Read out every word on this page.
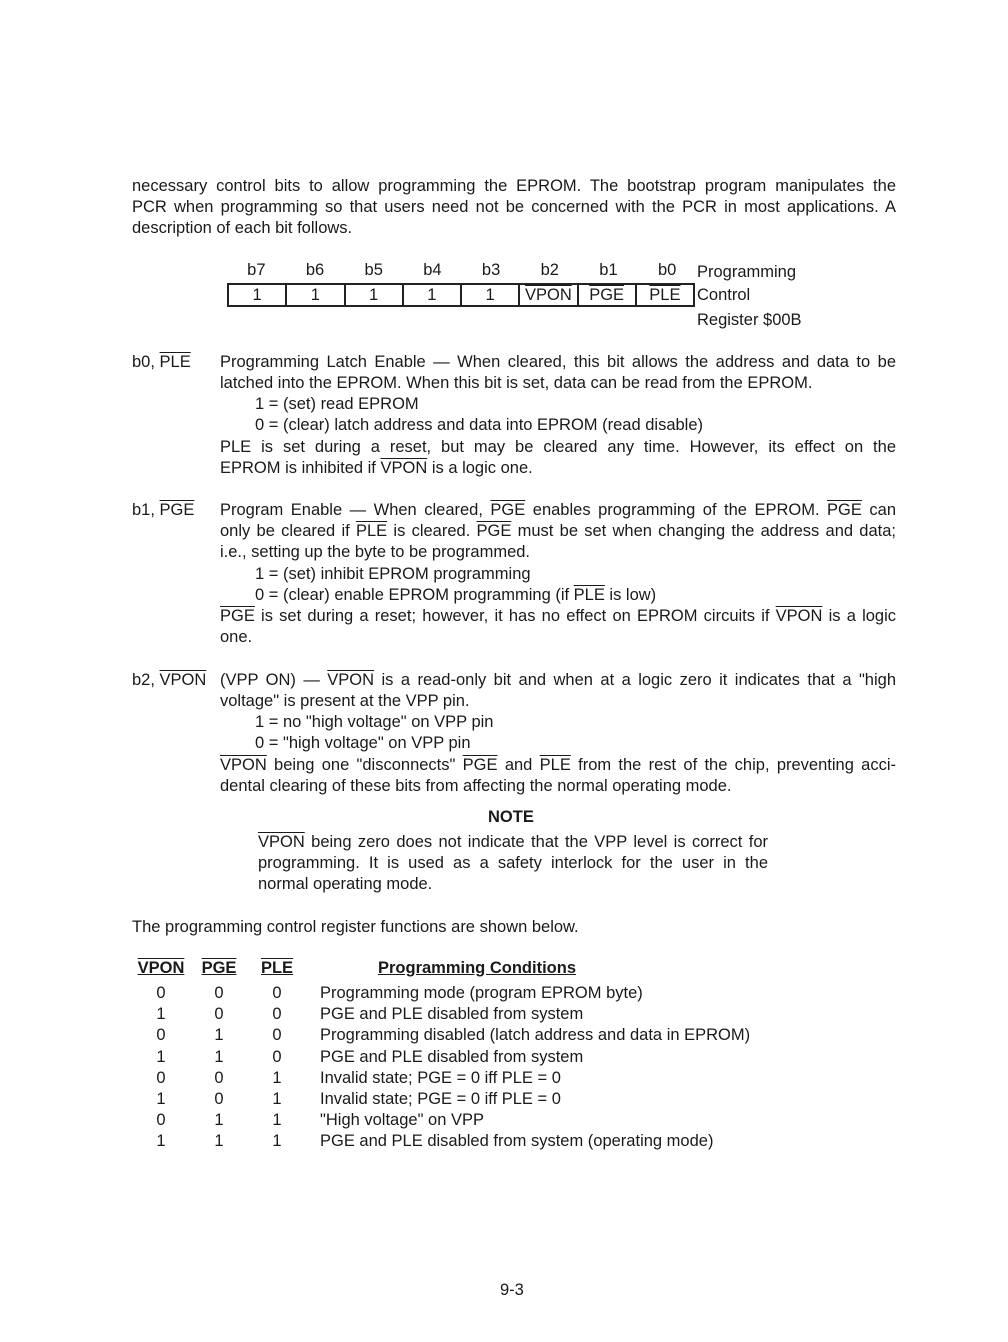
necessary control bits to allow programming the EPROM. The bootstrap program manipulates the
PCR when programming so that users need not be concerned with the PCR in most applications. A
description of each bit follows.
b7	b6	b5	b4	b3	b2	b1	b0
1	1	1	1	1	VPON	$\overline{PGE}$	$\overline{PLE}$
Programming
Control
Register $00B
b0, $\overline{PLE}$ Programming Latch Enable — When cleared, this bit allows the address and data to be
latched into the EPROM. When this bit is set, data can be read from the EPROM.
1 = (set) read EPROM
0 = (clear) latch address and data into EPROM (read disable)
PLE is set during a reset, but may be cleared any time. However, its effect on the
EPROM is inhibited if VPON is a logic one.
b1, $\overline{PGE}$ Program Enable — When cleared, $\overline{PGE}$ enables programming of the EPROM. $\overline{PGE}$ can
only be cleared if $\overline{PLE}$ is cleared. $\overline{PGE}$ must be set when changing the address and data;
i.e., setting up the byte to be programmed.
1 = (set) inhibit EPROM programming
0 = (clear) enable EPROM programming (if $\overline{PLE}$ is low)
$\overline{PGE}$ is set during a reset; however, it has no effect on EPROM circuits if VPON is a logic
one.
b2, VPON (VPP ON) — VPON is a read-only bit and when at a logic zero it indicates that a "high
voltage" is present at the VPP pin.
1 = no "high voltage" on VPP pin
0 = "high voltage" on VPP pin
VPON being one "disconnects" $\overline{PGE}$ and $\overline{PLE}$ from the rest of the chip, preventing acci-
dental clearing of these bits from affecting the normal operating mode.
NOTE
VPON being zero does not indicate that the VPP level is correct for
programming. It is used as a safety interlock for the user in the
normal operating mode.
The programming control register functions are shown below.
VPON	PGE	PLE	Programming Conditions
0	0	0	Programming mode (program EPROM byte)
1	0	0	PGE and PLE disabled from system
0	1	0	Programming disabled (latch address and data in EPROM)
1	1	0	PGE and PLE disabled from system
0	0	1	Invalid state; PGE = 0 iff PLE = 0
1	0	1	Invalid state; PGE = 0 iff PLE = 0
0	1	1	"High voltage" on VPP
1	1	1	PGE and PLE disabled from system (operating mode)
9-3
